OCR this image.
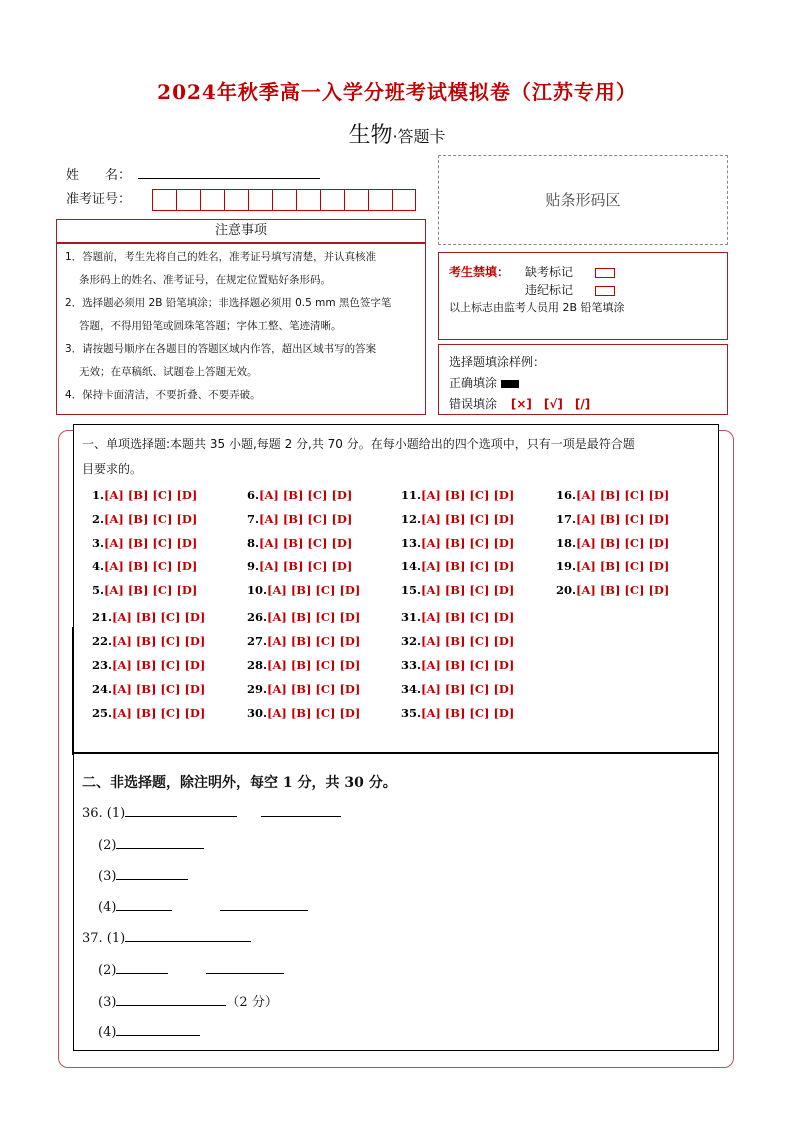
2024年秋季高一入学分班考试模拟卷（江苏专用）
生物·答题卡
姓　　名：
准考证号：	贴条形码区
注意事项

1．答题前，考生先将自己的姓名，准考证号填写清楚，并认真核准

条形码上的姓名、准考证号，在规定位置贴好条形码。

2．选择题必须用 2B 铅笔填涂；非选择题必须用 0.5 mm 黑色签字笔

答题，不得用铅笔或圆珠笔答题；字体工整、笔迹清晰。

3．请按题号顺序在各题目的答题区域内作答，超出区域书写的答案

无效；在草稿纸、试题卷上答题无效。

4．保持卡面清洁，不要折叠、不要弄破。

考生禁填： 缺考标记
违纪标记
以上标志由监考人员用 2B 铅笔填涂
选择题填涂样例：
正确填涂
错误填涂 [×]　[√]　[/]
一、单项选择题:本题共 35 小题,每题 2 分,共 70 分。在每小题给出的四个选项中，只有一项是最符合题
目要求的。
1.[A] [B] [C] [D]
2.[A] [B] [C] [D]
3.[A] [B] [C] [D]
4.[A] [B] [C] [D]
5.[A] [B] [C] [D]
6.[A] [B] [C] [D]
7.[A] [B] [C] [D]
8.[A] [B] [C] [D]
9.[A] [B] [C] [D]
10.[A] [B] [C] [D]
11.[A] [B] [C] [D]
12.[A] [B] [C] [D]
13.[A] [B] [C] [D]
14.[A] [B] [C] [D]
15.[A] [B] [C] [D]
16.[A] [B] [C] [D]
17.[A] [B] [C] [D]
18.[A] [B] [C] [D]
19.[A] [B] [C] [D]
20.[A] [B] [C] [D]
21.[A] [B] [C] [D]
22.[A] [B] [C] [D]
23.[A] [B] [C] [D]
24.[A] [B] [C] [D]
25.[A] [B] [C] [D]
26.[A] [B] [C] [D]
27.[A] [B] [C] [D]
28.[A] [B] [C] [D]
29.[A] [B] [C] [D]
30.[A] [B] [C] [D]
31.[A] [B] [C] [D]
32.[A] [B] [C] [D]
33.[A] [B] [C] [D]
34.[A] [B] [C] [D]
35.[A] [B] [C] [D]
二、非选择题，除注明外，每空 1 分，共 30 分。
36. (1)
(2)
(3)
(4)
37. (1)
(2)
(3)	（2 分）
(4)
